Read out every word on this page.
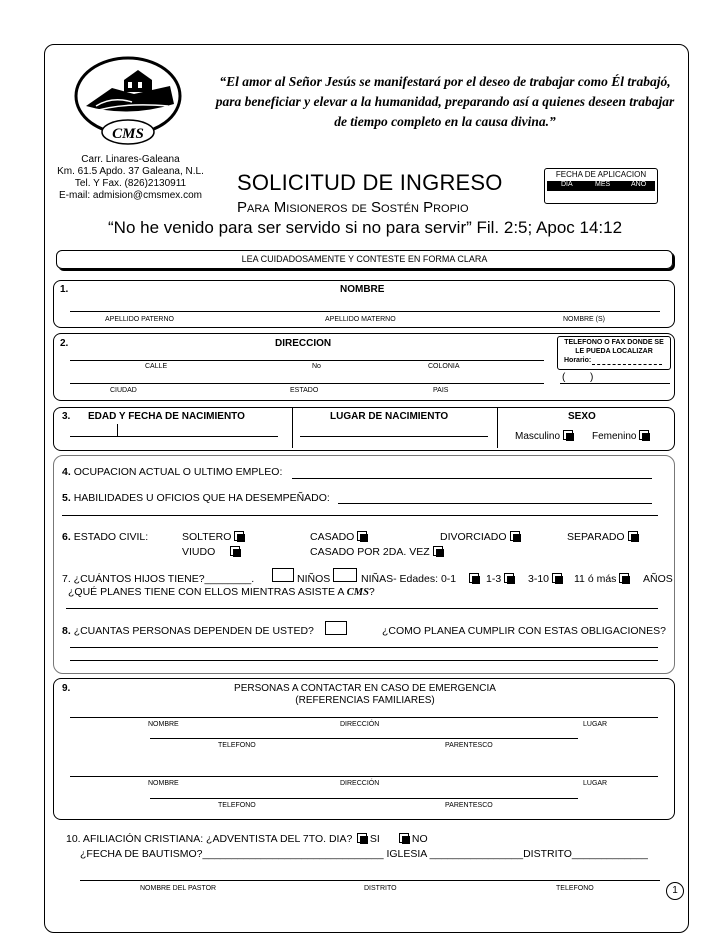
CMS
“El amor al Señor Jesús se manifestará por el deseo de trabajar como Él trabajó, para beneficiar y elevar a la humanidad, preparando así a quienes deseen trabajar de tiempo completo en la causa divina.”
Carr. Linares-Galeana
Km. 61.5 Apdo. 37 Galeana, N.L.
Tel. Y Fax. (826)2130911
E-mail: admision@cmsmex.com
SOLICITUD DE INGRESO
Para Misioneros de Sostén Propio
FECHA DE APLICACION
DIA	MES	AÑO
“No he venido para ser servido si no para servir” Fil. 2:5; Apoc 14:12
LEA CUIDADOSAMENTE Y CONTESTE EN FORMA CLARA
1.	NOMBRE
APELLIDO PATERNO	APELLIDO MATERNO	NOMBRE (S)
2.	DIRECCION
CALLE	No	COLONIA
CIUDAD	ESTADO	PAIS
TELEFONO O FAX DONDE SE
LE PUEDA LOCALIZAR
Horario:
( )
3. EDAD Y FECHA DE NACIMIENTO	LUGAR DE NACIMIENTO	SEXO
Masculino	Femenino
4. OCUPACION ACTUAL O ULTIMO EMPLEO:
5. HABILIDADES U OFICIOS QUE HA DESEMPEÑADO:
6. ESTADO CIVIL:	SOLTERO	CASADO	DIVORCIADO	SEPARADO
VIUDO	CASADO POR 2DA. VEZ
7. ¿CUÁNTOS HIJOS TIENE?________.	NIÑOS	NIÑAS- Edades: 0-1	1-3	3-10	11 ó más	AÑOS
¿QUÉ PLANES TIENE CON ELLOS MIENTRAS ASISTE A CMS?
8. ¿CUANTAS PERSONAS DEPENDEN DE USTED?	¿COMO PLANEA CUMPLIR CON ESTAS OBLIGACIONES?
9.	PERSONAS A CONTACTAR EN CASO DE EMERGENCIA
(REFERENCIAS FAMILIARES)
NOMBRE	DIRECCIÓN	LUGAR
TELEFONO	PARENTESCO
NOMBRE	DIRECCIÓN	LUGAR
TELEFONO	PARENTESCO
10. AFILIACIÓN CRISTIANA: ¿ADVENTISTA DEL 7TO. DIA?	SI	NO
¿FECHA DE BAUTISMO?_______________________________ IGLESIA ________________DISTRITO_____________
NOMBRE DEL PASTOR	DISTRITO	TELEFONO	1
